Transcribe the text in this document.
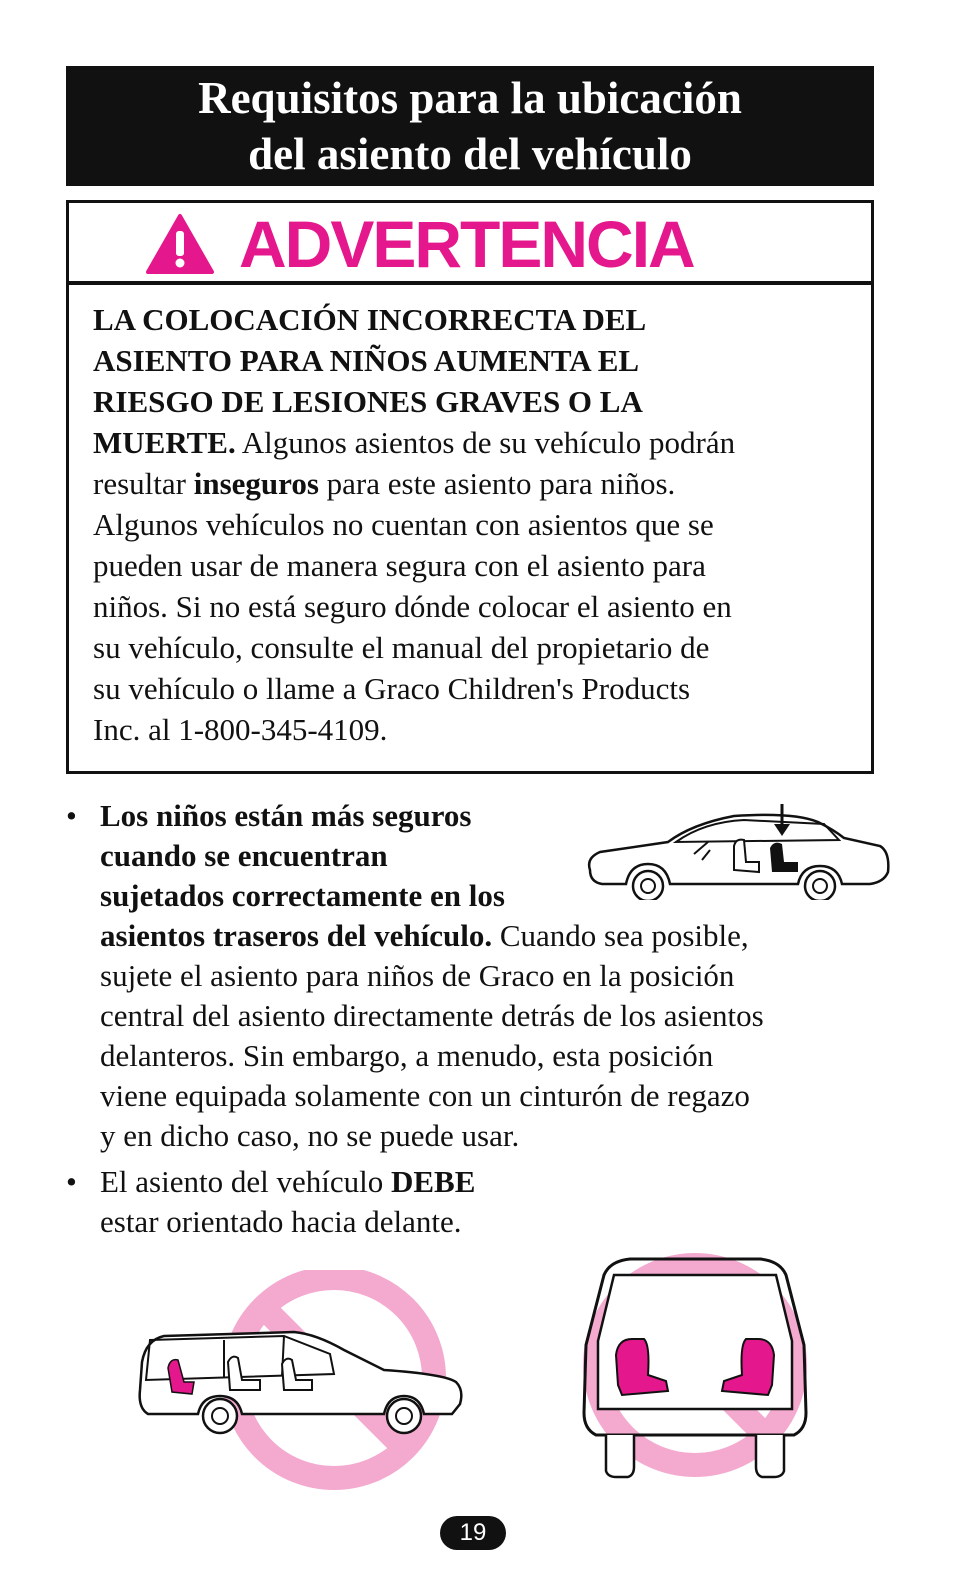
Requisitos para la ubicación
del asiento del vehículo
ADVERTENCIA
LA COLOCACIÓN INCORRECTA DEL
ASIENTO PARA NIÑOS AUMENTA EL
RIESGO DE LESIONES GRAVES O LA
MUERTE. Algunos asientos de su vehículo podrán
resultar inseguros para este asiento para niños.
Algunos vehículos no cuentan con asientos que se
pueden usar de manera segura con el asiento para
niños. Si no está seguro dónde colocar el asiento en
su vehículo, consulte el manual del propietario de
su vehículo o llame a Graco Children's Products
Inc. al 1-800-345-4109.
• Los niños están más seguros
cuando se encuentran
sujetados correctamente en los
asientos traseros del vehículo. Cuando sea posible,
sujete el asiento para niños de Graco en la posición
central del asiento directamente detrás de los asientos
delanteros. Sin embargo, a menudo, esta posición
viene equipada solamente con un cinturón de regazo
y en dicho caso, no se puede usar.
• El asiento del vehículo DEBE
estar orientado hacia delante.
19
